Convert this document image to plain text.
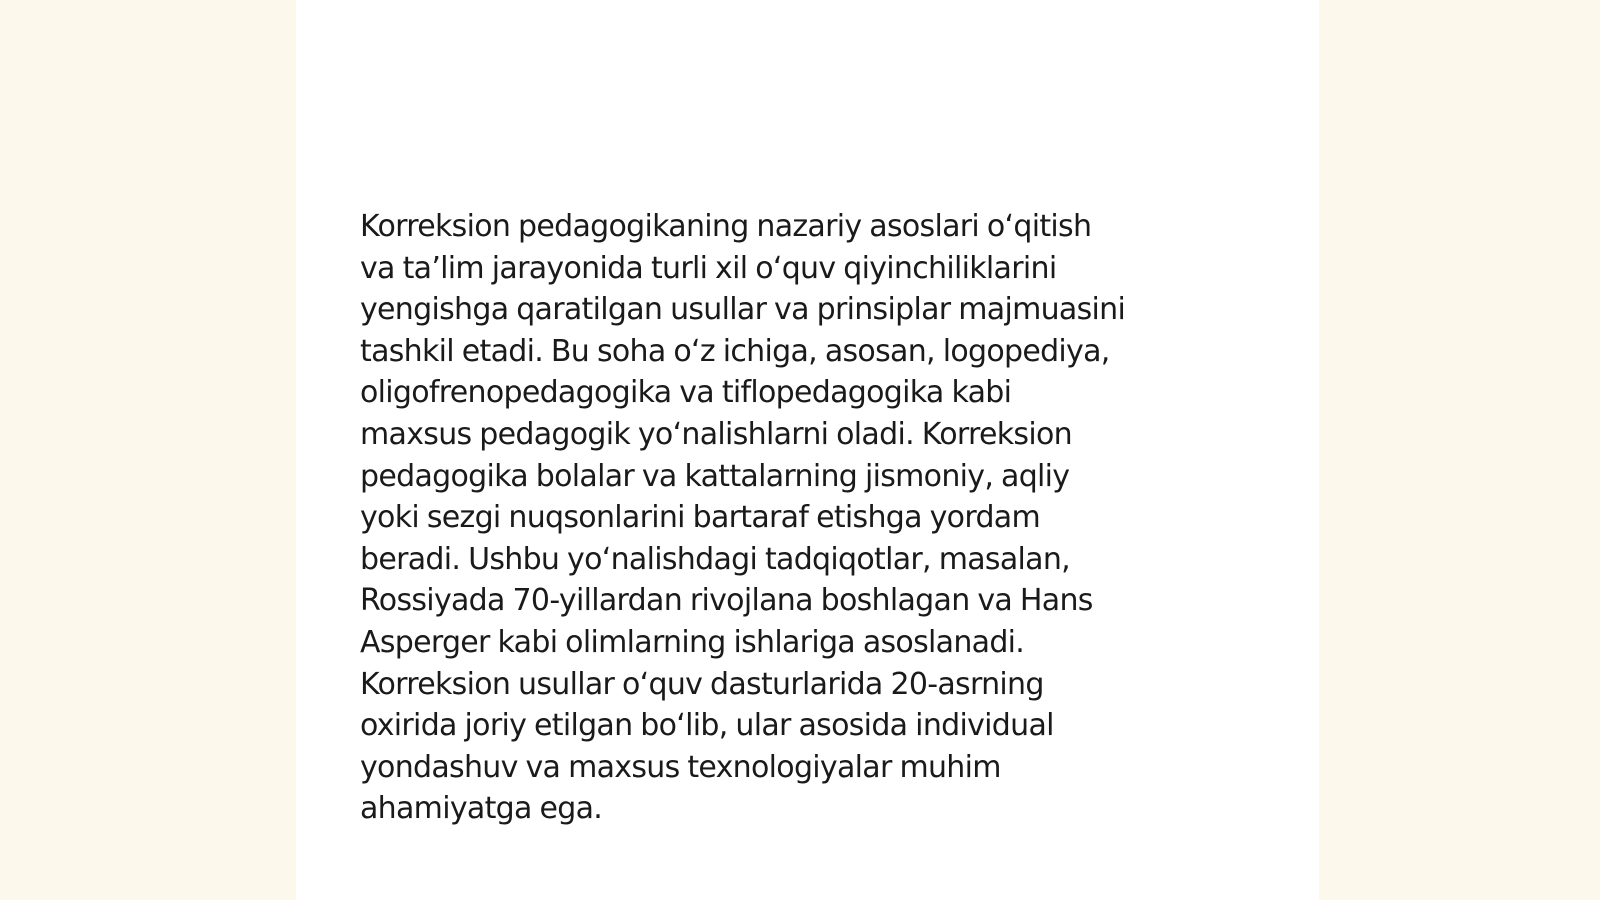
Korreksion pedagogikaning nazariy asoslari o‘qitish
va ta’lim jarayonida turli xil o‘quv qiyinchiliklarini
yengishga qaratilgan usullar va prinsiplar majmuasini
tashkil etadi. Bu soha o‘z ichiga, asosan, logopediya,
oligofrenopedagogika va tiflopedagogika kabi
maxsus pedagogik yo‘nalishlarni oladi. Korreksion
pedagogika bolalar va kattalarning jismoniy, aqliy
yoki sezgi nuqsonlarini bartaraf etishga yordam
beradi. Ushbu yo‘nalishdagi tadqiqotlar, masalan,
Rossiyada 70-yillardan rivojlana boshlagan va Hans
Asperger kabi olimlarning ishlariga asoslanadi.
Korreksion usullar o‘quv dasturlarida 20-asrning
oxirida joriy etilgan bo‘lib, ular asosida individual
yondashuv va maxsus texnologiyalar muhim
ahamiyatga ega.
